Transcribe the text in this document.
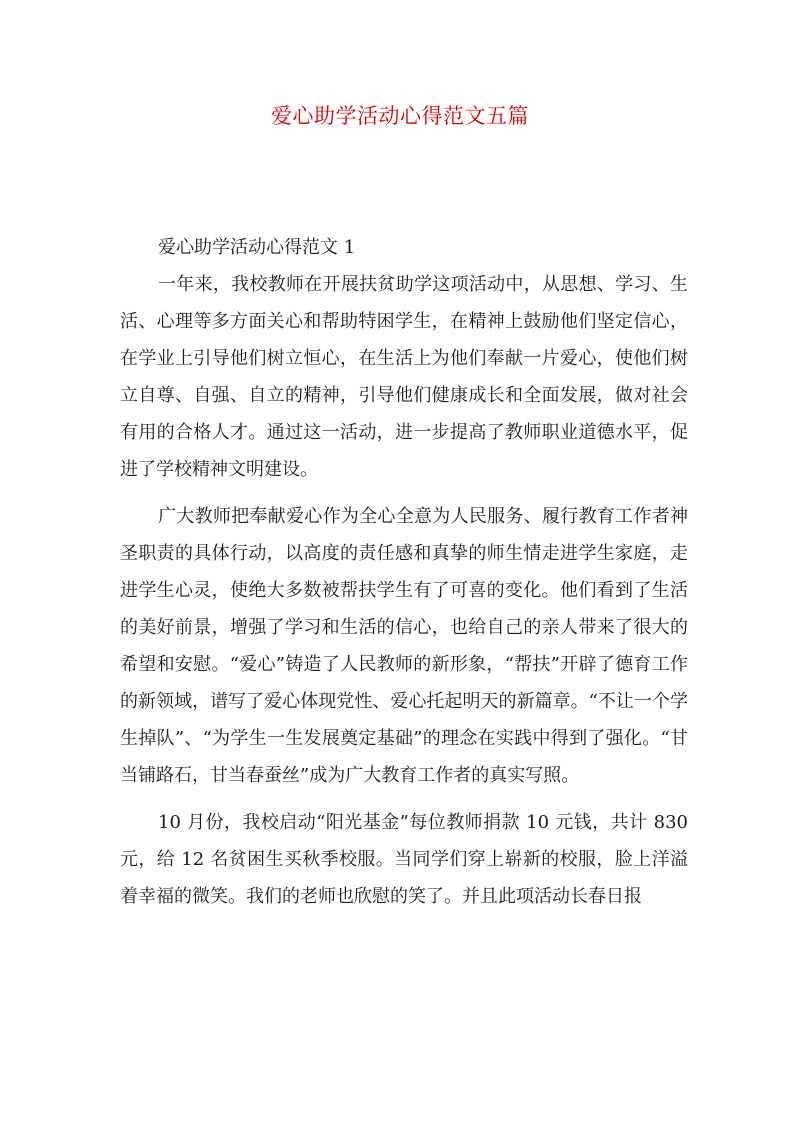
爱心助学活动心得范文五篇

爱心助学活动心得范文 1

一年来，我校教师在开展扶贫助学这项活动中，从思想、学习、生活、心理等多方面关心和帮助特困学生，在精神上鼓励他们坚定信心，在学业上引导他们树立恒心，在生活上为他们奉献一片爱心，使他们树立自尊、自强、自立的精神，引导他们健康成长和全面发展，做对社会有用的合格人才。通过这一活动，进一步提高了教师职业道德水平，促进了学校精神文明建设。

广大教师把奉献爱心作为全心全意为人民服务、履行教育工作者神圣职责的具体行动，以高度的责任感和真挚的师生情走进学生家庭，走进学生心灵，使绝大多数被帮扶学生有了可喜的变化。他们看到了生活的美好前景，增强了学习和生活的信心，也给自己的亲人带来了很大的希望和安慰。“爱心”铸造了人民教师的新形象，“帮扶”开辟了德育工作的新领域，谱写了爱心体现党性、爱心托起明天的新篇章。“不让一个学生掉队”、“为学生一生发展奠定基础”的理念在实践中得到了强化。“甘当铺路石，甘当春蚕丝”成为广大教育工作者的真实写照。

10 月份，我校启动“阳光基金”每位教师捐款 10 元钱，共计 830 元，给 12 名贫困生买秋季校服。当同学们穿上崭新的校服，脸上洋溢着幸福的微笑。我们的老师也欣慰的笑了。并且此项活动长春日报
